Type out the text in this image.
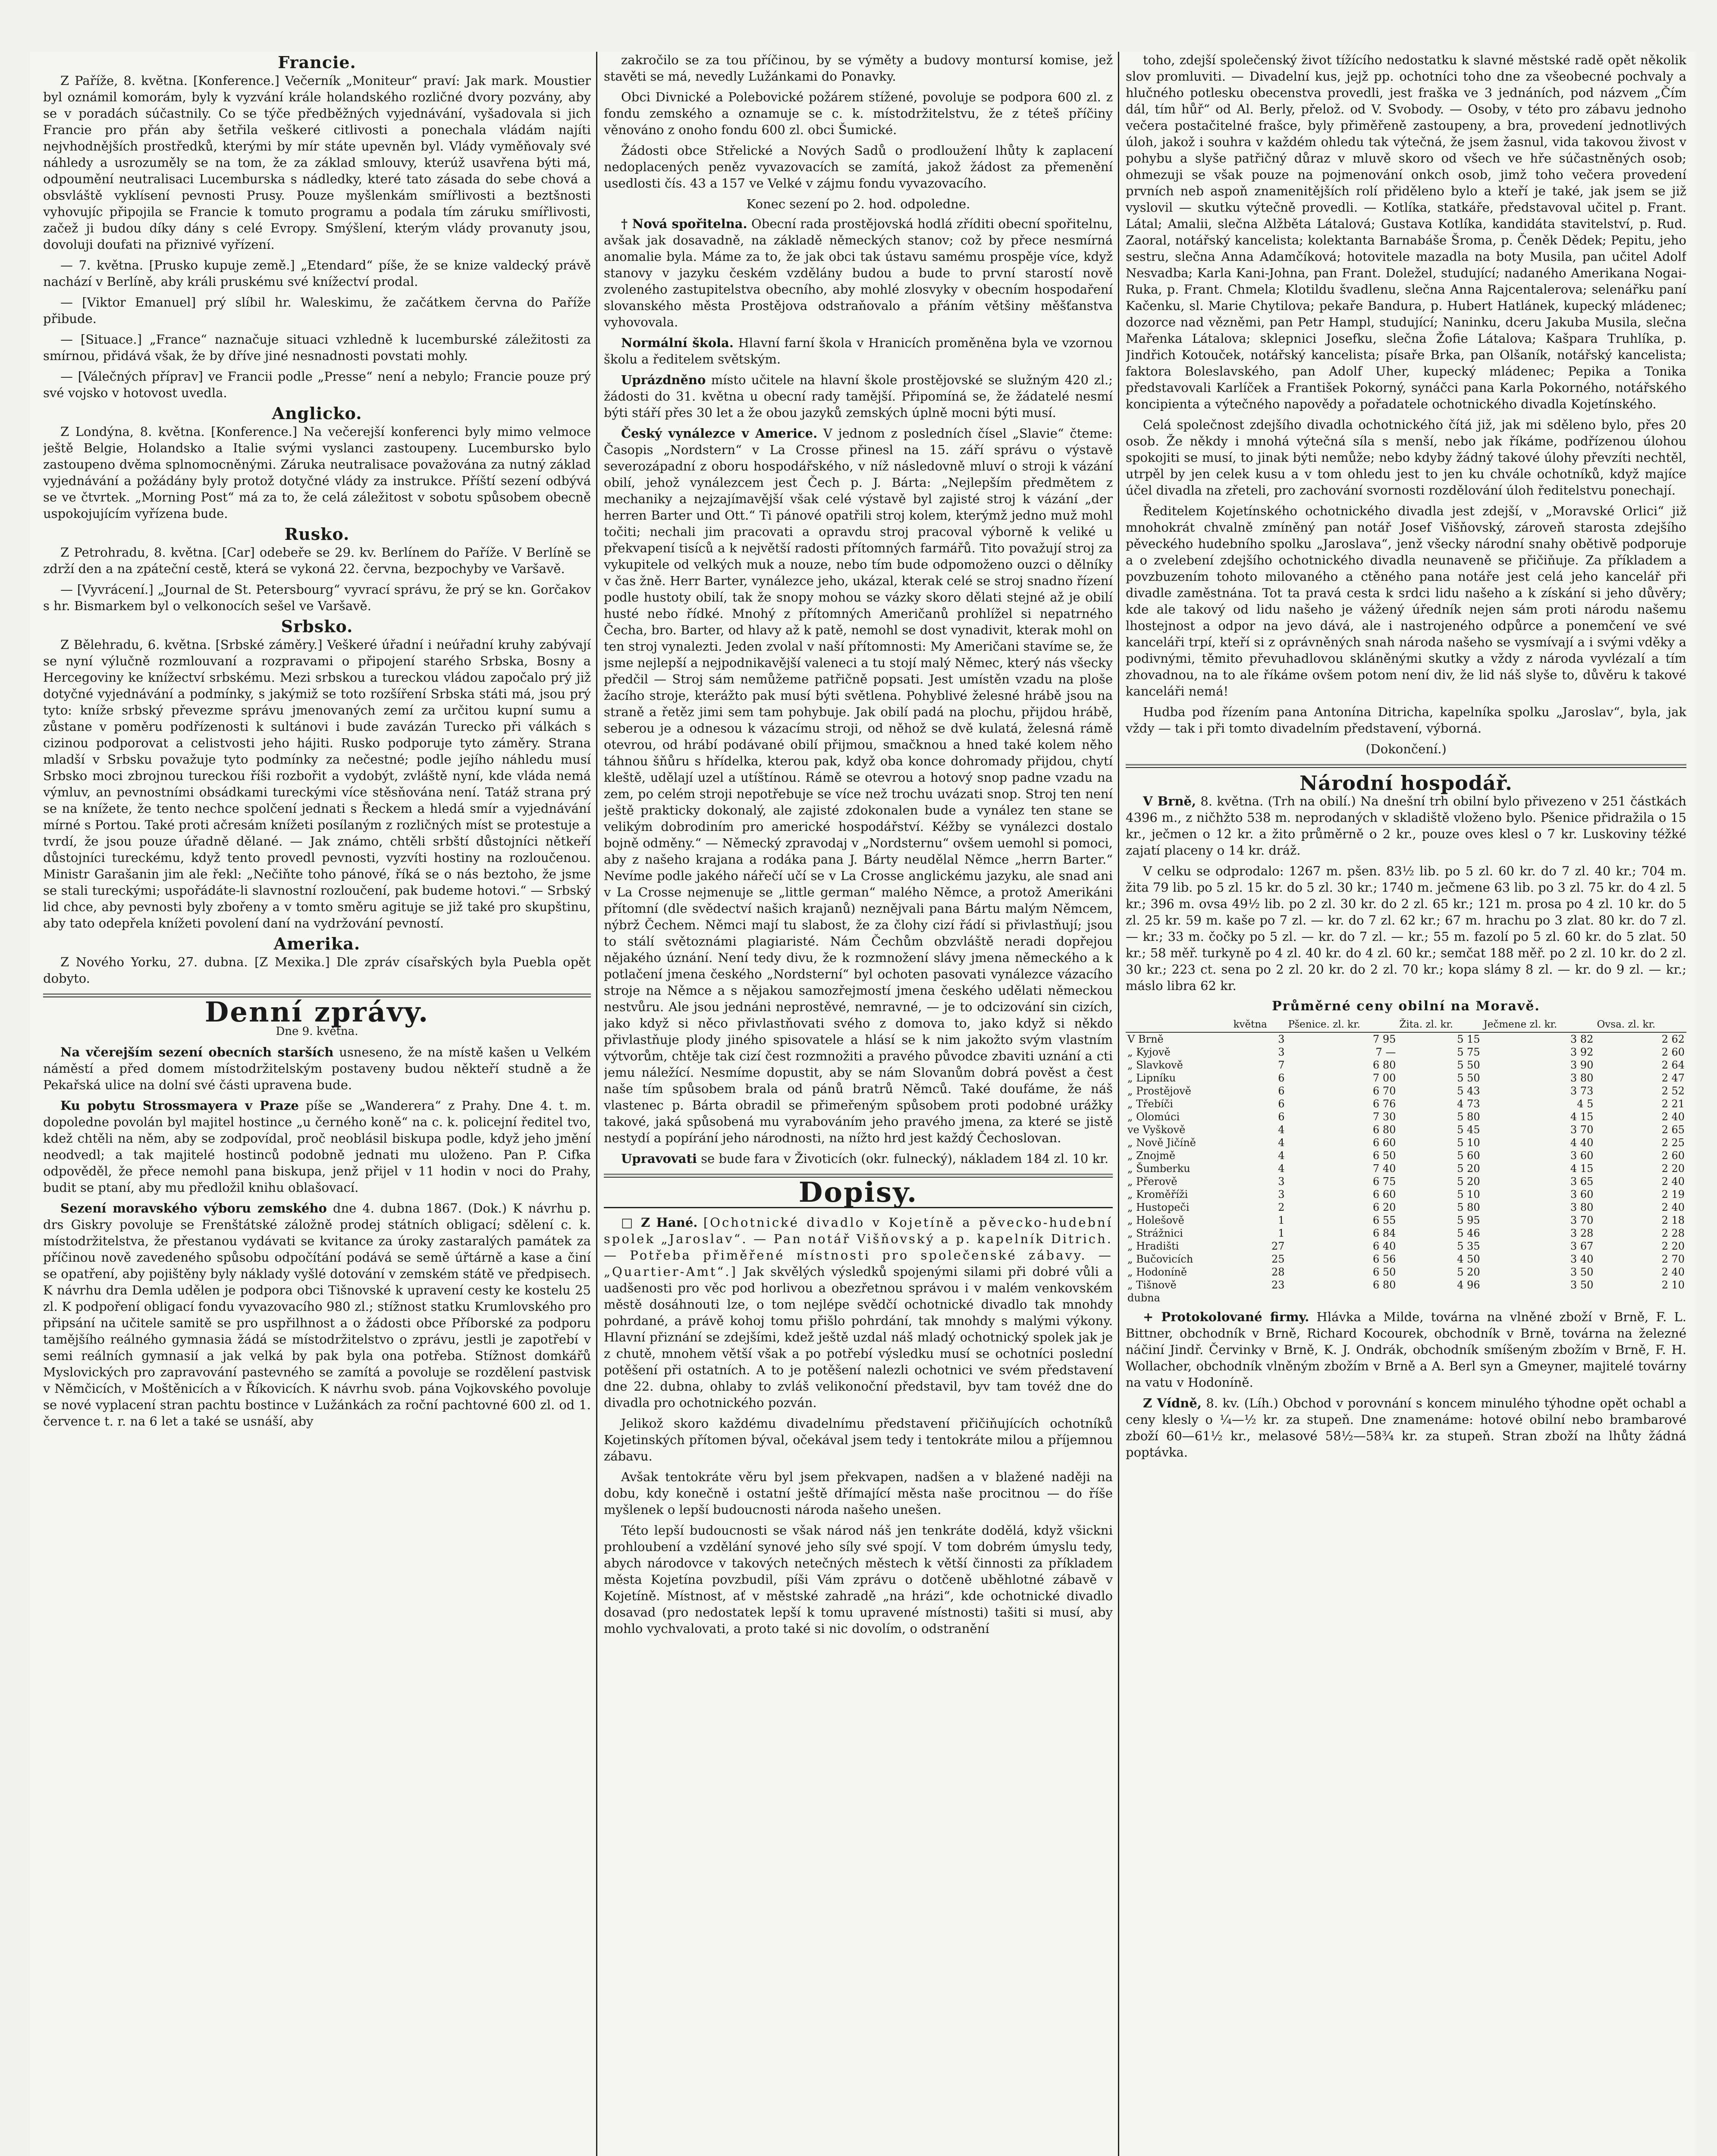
Francie.

Z Paříže, 8. května. [Konference.] Večerník „Moniteur“ praví: Jak mark. Moustier byl oznámil komorám, byly k vyzvání krále holandského rozličné dvory pozvány, aby se v poradách súčastnily. Co se týče předběžných vyjednávání, vyšadovala si jich Francie pro přán aby šetřila veškeré citlivosti a ponechala vládám najíti nejvhodnějších prostředků, kterými by mír státe upevněn byl. Vlády vyměňovaly své náhledy a usrozuměly se na tom, že za základ smlouvy, kterúž usavřena býti má, odpoumění neutralisaci Lucemburska s nádledky, které tato zásada do sebe chová a obsvláště vyklísení pevnosti Prusy. Pouze myšlenkám smířlivosti a beztšnosti vyhovujíc připojila se Francie k tomuto programu a podala tím záruku smířlivosti, začež ji budou díky dány s celé Evropy. Smýšlení, kterým vlády provanuty jsou, dovoluji doufati na přiznivé vyřízení.

— 7. května. [Prusko kupuje země.] „Etendard“ píše, že se knize valdecký právě nachází v Berlíně, aby králi pruskému své knížectví prodal.

— [Viktor Emanuel] prý slíbil hr. Waleskimu, že začátkem června do Paříže přibude.

— [Situace.] „France“ naznačuje situaci vzhledně k lucemburské záležitosti za smírnou, přidává však, že by dříve jiné nesnadnosti povstati mohly.

— [Válečných příprav] ve Francii podle „Presse“ není a nebylo; Francie pouze prý své vojsko v hotovost uvedla.

Anglicko.

Z Londýna, 8. května. [Konference.] Na večerejší konferenci byly mimo velmoce ještě Belgie, Holandsko a Italie svými vyslanci zastoupeny. Lucembursko bylo zastoupeno dvěma splnomocněnými. Záruka neutralisace považována za nutný základ vyjednávání a požádány byly protož dotyčné vlády za instrukce. Příští sezení odbývá se ve čtvrtek. „Morning Post“ má za to, že celá záležitost v sobotu spůsobem obecně uspokojujícím vyřízena bude.

Rusko.

Z Petrohradu, 8. května. [Car] odebeře se 29. kv. Berlínem do Paříže. V Berlíně se zdrží den a na zpáteční cestě, která se vykoná 22. června, bezpochyby ve Varšavě.

— [Vyvrácení.] „Journal de St. Petersbourg“ vyvrací správu, že prý se kn. Gorčakov s hr. Bismarkem byl o velkonocích sešel ve Varšavě.

Srbsko.

Z Bělehradu, 6. května. [Srbské záměry.] Veškeré úřadní i neúřadní kruhy zabývají se nyní výlučně rozmlouvaní a rozpravami o připojení starého Srbska, Bosny a Hercegoviny ke knížectví srbskému. Mezi srbskou a tureckou vládou započalo prý již dotyčné vyjednávání a podmínky, s jakýmiž se toto rozšíření Srbska státi má, jsou prý tyto: kníže srbský převezme správu jmenovaných zemí za určitou kupní sumu a zůstane v poměru podřízenosti k sultánovi i bude zavázán Turecko při válkách s cizinou podporovat a celistvosti jeho hájiti. Rusko podporuje tyto záměry. Strana mladší v Srbsku považuje tyto podmínky za nečestné; podle jejího náhledu musí Srbsko moci zbrojnou tureckou říši rozbořit a vydobýt, zvláště nyní, kde vláda nemá výmluv, an pevnostními obsádkami tureckými více stěsňována není. Tatáž strana prý se na knížete, že tento nechce spolčení jednati s Řeckem a hledá smír a vyjednávání mírné s Portou. Také proti ačresám knížeti posílaným z rozličných míst se protestuje a tvrdí, že jsou pouze úřadně dělané. — Jak známo, chtěli srbští důstojníci nětkeří důstojníci tureckému, když tento provedl pevnosti, vyzvíti hostiny na rozloučenou. Ministr Garašanin jim ale řekl: „Nečiňte toho pánové, říká se o nás beztoho, že jsme se stali tureckými; uspořádáte-li slavnostní rozloučení, pak budeme hotovi.“ — Srbský lid chce, aby pevnosti byly zbořeny a v tomto směru agituje se již také pro skupštinu, aby tato odepřela knížeti povolení daní na vydržování pevností.

Amerika.

Z Nového Yorku, 27. dubna. [Z Mexika.] Dle zpráv císařských byla Puebla opět dobyto.

Denní zprávy.
Dne 9. května.

Na včerejším sezení obecních starších usneseno, že na místě kašen u Velkém náměstí a před domem místodržitelským postaveny budou někteří studně a že Pekařská ulice na dolní své části upravena bude.

Ku pobytu Strossmayera v Praze píše se „Wanderera“ z Prahy. Dne 4. t. m. dopoledne povolán byl majitel hostince „u černého koně“ na c. k. policejní ředitel tvo, kdež chtěli na něm, aby se zodpovídal, proč neoblásil biskupa podle, když jeho jmění neodvedl; a tak majitelé hostinců podobně jednati mu uloženo. Pan P. Cifka odpověděl, že přece nemohl pana biskupa, jenž přijel v 11 hodin v noci do Prahy, budit se ptaní, aby mu předložil knihu oblašovací.

Sezení moravského výboru zemského dne 4. dubna 1867. (Dok.) K návrhu p. drs Giskry povoluje se Frenštátské záložně prodej státních obligací; sdělení c. k. místodržitelstva, že přestanou vydávati se kvitance za úroky zastaralých památek za příčinou nově zavedeného spůsobu odpočítání podává se semě úřtárně a kase a činí se opatření, aby pojištěny byly náklady vyšlé dotování v zemském státě ve předpisech. K návrhu dra Demla udělen je podpora obci Tišnovské k upravení cesty ke kostelu 25 zl. K podpoření obligací fondu vyvazovacího 980 zl.; stížnost statku Krumlovského pro připsání na učitele samitě se pro uspřilhnost a o žádosti obce Příborské za podporu tamějšího reálného gymnasia žádá se místodržitelstvo o zprávu, jestli je zapotřebí v semi reálních gymnasií a jak velká by pak byla ona potřeba. Stížnost domkářů Myslovických pro zapravování pastevného se zamítá a povoluje se rozdělení pastvisk v Němčicích, v Moštěnicích a v Říkovicích. K návrhu svob. pána Vojkovského povoluje se nové vyplacení stran pachtu bostince v Lužánkách za roční pachtovné 600 zl. od 1. července t. r. na 6 let a také se usnáší, aby

zakročilo se za tou příčinou, by se výměty a budovy montursí komise, jež stavěti se má, nevedly Lužánkami do Ponavky.

Obci Divnické a Polebovické požárem stížené, povoluje se podpora 600 zl. z fondu zemského a oznamuje se c. k. místodržitelstvu, že z téteš příčiny věnováno z onoho fondu 600 zl. obci Šumické.

Žádosti obce Střelické a Nových Sadů o prodloužení lhůty k zaplacení nedoplacených peněz vyvazovacích se zamítá, jakož žádost za přemenění usedlosti čís. 43 a 157 ve Velké v zájmu fondu vyvazovacího.

Konec sezení po 2. hod. odpoledne.

† Nová spořitelna. Obecní rada prostějovská hodlá zříditi obecní spořitelnu, avšak jak dosavadně, na základě německých stanov; což by přece nesmírná anomalie byla. Máme za to, že jak obci tak ústavu samému prospěje více, když stanovy v jazyku českém vzdělány budou a bude to první starostí nově zvoleného zastupitelstva obecního, aby mohlé zlosvyky v obecním hospodaření slovanského města Prostějova odstraňovalo a přáním většiny měšťanstva vyhovovala.

Normální škola. Hlavní farní škola v Hranicích proměněna byla ve vzornou školu a ředitelem světským.

Uprázdněno místo učitele na hlavní škole prostějovské se služným 420 zl.; žádosti do 31. května u obecní rady tamější. Připomíná se, že žádatelé nesmí býti stáří přes 30 let a že obou jazyků zemských úplně mocni býti musí.

Český vynálezce v Americe. V jednom z posledních čísel „Slavie“ čteme: Časopis „Nordstern“ v La Crosse přinesl na 15. září správu o výstavě severozápadní z oboru hospodářského, v níž následovně mluví o stroji k vázání obilí, jehož vynálezcem jest Čech p. J. Bárta: „Nejlepším předmětem z mechaniky a nejzajímavější však celé výstavě byl zajisté stroj k vázání „der herren Barter und Ott.“ Ti pánové opatřili stroj kolem, kterýmž jedno muž mohl točiti; nechali jim pracovati a opravdu stroj pracoval výborně k veliké u překvapení tisíců a k největší radosti přítomných farmářů. Tito považují stroj za vykupitele od velkých muk a nouze, nebo tím bude odpomoženo ouzci o dělníky v čas žně. Herr Barter, vynálezce jeho, ukázal, kterak celé se stroj snadno řízení podle hustoty obilí, tak že snopy mohou se vázky skoro dělati stejné až je obilí husté nebo řídké. Mnohý z přítomných Američanů prohlížel si nepatrného Čecha, bro. Barter, od hlavy až k patě, nemohl se dost vynadivit, kterak mohl on ten stroj vynalezti. Jeden zvolal v naší přítomnosti: My Američani stavíme se, že jsme nejlepší a nejpodnikavější valeneci a tu stojí malý Němec, který nás všecky předčil — Stroj sám nemůžeme patřičně popsati. Jest umístěn vzadu na ploše žacího stroje, kterážto pak musí býti světlena. Pohyblivé želesné hrábě jsou na straně a řetěz jimi sem tam pohybuje. Jak obilí padá na plochu, přijdou hrábě, seberou je a odnesou k vázacímu stroji, od něhož se dvě kulatá, želesná rámě otevrou, od hrábí podávané obilí přijmou, smačknou a hned také kolem něho táhnou šňůru s hřídelka, kterou pak, když oba konce dohromady přijdou, chytí kleště, udělají uzel a utíštínou. Rámě se otevrou a hotový snop padne vzadu na zem, po celém stroji nepotřebuje se více než trochu uvázati snop. Stroj ten není ještě prakticky dokonalý, ale zajisté zdokonalen bude a vynález ten stane se velikým dobrodiním pro americké hospodářství. Kéžby se vynálezci dostalo bojně odměny.“ — Německý zpravodaj v „Nordsternu“ ovšem uemohl si pomoci, aby z našeho krajana a rodáka pana J. Bárty neudělal Němce „herrn Barter.“ Nevíme podle jakého nářečí učí se v La Crosse anglickému jazyku, ale snad ani v La Crosse nejmenuje se „little german“ malého Němce, a protož Amerikáni přítomní (dle svědectví našich krajanů) neznějvali pana Bártu malým Němcem, nýbrž Čechem. Němci mají tu slabost, že za člohy cizí řádí si přivlastňují; jsou to stálí světoznámi plagiaristé. Nám Čechům obzvláště neradi dopřejou nějakého úznání. Není tedy divu, že k rozmnožení slávy jmena německého a k potlačení jmena českého „Nordsterní“ byl ochoten pasovati vynálezce vázacího stroje na Němce a s nějakou samozřejmostí jmena českého udělati německou nestvůru. Ale jsou jednáni neprostěvé, nemravné, — je to odcizování sin cizích, jako když si něco přivlastňovati svého z domova to, jako když si někdo přivlastňuje plody jiného spisovatele a hlásí se k nim jakožto svým vlastním výtvorům, chtěje tak cizí čest rozmnožiti a pravého původce zbaviti uznání a cti jemu náležící. Nesmíme dopustit, aby se nám Slovanům dobrá pověst a čest naše tím spůsobem brala od pánů bratrů Němců. Také doufáme, že náš vlastenec p. Bárta obradil se přimeřeným spůsobem proti podobné urážky takové, jaká spůsobená mu vyrabováním jeho pravého jmena, za které se jistě nestydí a popírání jeho národnosti, na nížto hrd jest každý Čechoslovan.

Upravovati se bude fara v Životicích (okr. fulnecký), nákladem 184 zl. 10 kr.

Dopisy.

□ Z Hané. [Ochotnické divadlo v Kojetíně a pěvecko-hudební spolek „Jaroslav“. — Pan notář Višňovský a p. kapelník Ditrich. — Potřeba přiměřené místnosti pro společenské zábavy. — „Quartier-Amt“.] Jak skvělých výsledků spojenými silami při dobré vůli a uadšenosti pro věc pod horlivou a obezřetnou správou i v malém venkovském městě dosáhnouti lze, o tom nejlépe svědčí ochotnické divadlo tak mnohdy pohrdané, a právě kohoj tomu přišlo pohrdání, tak mnohdy s malými výkony. Hlavní přiznání se zdejšími, kdež ještě uzdal náš mladý ochotnický spolek jak je z chutě, mnohem větší však a po potřebí výsledku musí se ochotníci poslední potěšení při ostatních. A to je potěšení nalezli ochotnici ve svém představení dne 22. dubna, ohlaby to zvláš velikonoční představil, byv tam tovéž dne do divadla pro ochotnického pozván.

Jelikož skoro každému divadelnímu představení přičiňujících ochotníků Kojetinských přítomen býval, očekával jsem tedy i tentokráte milou a příjemnou zábavu.

Avšak tentokráte věru byl jsem překvapen, nadšen a v blažené naději na dobu, kdy konečně i ostatní ještě dřímající města naše procitnou — do říše myšlenek o lepší budoucnosti národa našeho unešen.

Této lepší budoucnosti se však národ náš jen tenkráte dodělá, když všickni prohloubení a vzdělání synové jeho síly své spojí. V tom dobrém úmyslu tedy, abych národovce v takových netečných městech k větší činnosti za příkladem města Kojetína povzbudil, píši Vám zprávu o dotčeně uběhlotné zábavě v Kojetíně. Místnost, ať v městské zahradě „na hrázi“, kde ochotnické divadlo dosavad (pro nedostatek lepší k tomu upravené místnosti) tašiti si musí, aby mohlo vychvalovati, a proto také si nic dovolím, o odstranění

toho, zdejší společenský život tížícího nedostatku k slavné městské radě opět několik slov promluviti. — Divadelní kus, jejž pp. ochotníci toho dne za všeobecné pochvaly a hlučného potlesku obecenstva provedli, jest fraška ve 3 jednáních, pod názvem „Čím dál, tím hůř“ od Al. Berly, přelož. od V. Svobody. — Osoby, v této pro zábavu jednoho večera postačitelné frašce, byly přiměřeně zastoupeny, a bra, provedení jednotlivých úloh, jakož i souhra v každém ohledu tak výtečná, že jsem žasnul, vida takovou živost v pohybu a slyše patřičný důraz v mluvě skoro od všech ve hře súčastněných osob; ohmezuji se však pouze na pojmenování onkch osob, jimž toho večera provedení prvních neb aspoň znamenitějších rolí přiděleno bylo a kteří je také, jak jsem se již vyslovil — skutku výtečně provedli. — Kotlíka, statkáře, představoval učitel p. Frant. Látal; Amalii, slečna Alžběta Látalová; Gustava Kotlíka, kandidáta stavitelství, p. Rud. Zaoral, notářský kancelista; kolektanta Barnabáše Šroma, p. Čeněk Dědek; Pepitu, jeho sestru, slečna Anna Adamčíková; hotovitele mazadla na boty Musila, pan učitel Adolf Nesvadba; Karla Kani-Johna, pan Frant. Doležel, studující; nadaného Amerikana Nogai-Ruka, p. Frant. Chmela; Klotildu švadlenu, slečna Anna Rajcentalerova; selenářku paní Kačenku, sl. Marie Chytilova; pekaře Bandura, p. Hubert Hatlánek, kupecký mládenec; dozorce nad vězněmi, pan Petr Hampl, studující; Naninku, dceru Jakuba Musila, slečna Mařenka Látalova; sklepnici Josefku, slečna Žofie Látalova; Kašpara Truhlíka, p. Jindřich Kotouček, notářský kancelista; písaře Brka, pan Olšaník, notářský kancelista; faktora Boleslavského, pan Adolf Uher, kupecký mládenec; Pepika a Tonika představovali Karlíček a František Pokorný, synáčci pana Karla Pokorného, notářského koncipienta a výtečného napovědy a pořadatele ochotnického divadla Kojetínského.

Celá společnost zdejšího divadla ochotnického čítá již, jak mi sděleno bylo, přes 20 osob. Že někdy i mnohá výtečná síla s menší, nebo jak říkáme, podřízenou úlohou spokojiti se musí, to jinak býti nemůže; nebo kdyby žádný takové úlohy převzíti nechtěl, utrpěl by jen celek kusu a v tom ohledu jest to jen ku chvále ochotníků, když majíce účel divadla na zřeteli, pro zachování svornosti rozdělování úloh ředitelstvu ponechají.

Ředitelem Kojetínského ochotnického divadla jest zdejší, v „Moravské Orlici“ již mnohokrát chvalně zmíněný pan notář Josef Višňovský, zároveň starosta zdejšího pěveckého hudebního spolku „Jaroslava“, jenž všecky národní snahy obětivě podporuje a o zvelebení zdejšího ochotnického divadla neunaveně se přičiňuje. Za příkladem a povzbuzením tohoto milovaného a ctěného pana notáře jest celá jeho kancelář při divadle zaměstnána. Tot ta pravá cesta k srdci lidu našeho a k získání si jeho důvěry; kde ale takový od lidu našeho je vážený úředník nejen sám proti národu našemu lhostejnost a odpor na jevo dává, ale i nastrojeného odpůrce a ponemčení ve své kanceláři trpí, kteří si z oprávněných snah národa našeho se vysmívají a i svými vděky a podivnými, těmito převuhadlovou skláněnými skutky a vždy z národa vyvlézalí a tím zhovadnou, na to ale říkáme ovšem potom není div, že lid náš slyše to, důvěru k takové kanceláři nemá!

Hudba pod řízením pana Antonína Ditricha, kapelníka spolku „Jaroslav“, byla, jak vždy — tak i při tomto divadelním představení, výborná.

(Dokončení.)

Národní hospodář.

V Brně, 8. května. (Trh na obilí.) Na dnešní trh obilní bylo přivezeno v 251 částkách 4396 m., z ničhžto 538 m. neprodaných v skladiště vloženo bylo. Pšenice přidražila o 15 kr., ječmen o 12 kr. a žito průměrně o 2 kr., pouze oves klesl o 7 kr. Luskoviny téžké zajatí placeny o 14 kr. dráž.

V celku se odprodalo: 1267 m. pšen. 83½ lib. po 5 zl. 60 kr. do 7 zl. 40 kr.; 704 m. žita 79 lib. po 5 zl. 15 kr. do 5 zl. 30 kr.; 1740 m. ječmene 63 lib. po 3 zl. 75 kr. do 4 zl. 5 kr.; 396 m. ovsa 49½ lib. po 2 zl. 30 kr. do 2 zl. 65 kr.; 121 m. prosa po 4 zl. 10 kr. do 5 zl. 25 kr. 59 m. kaše po 7 zl. — kr. do 7 zl. 62 kr.; 67 m. hrachu po 3 zlat. 80 kr. do 7 zl. — kr.; 33 m. čočky po 5 zl. — kr. do 7 zl. — kr.; 55 m. fazolí po 5 zl. 60 kr. do 5 zlat. 50 kr.; 58 měř. turkyně po 4 zl. 40 kr. do 4 zl. 60 kr.; semčat 188 měř. po 2 zl. 10 kr. do 2 zl. 30 kr.; 223 ct. sena po 2 zl. 20 kr. do 2 zl. 70 kr.; kopa slámy 8 zl. — kr. do 9 zl. — kr.; máslo libra 62 kr.

Průměrné ceny obilní na Moravě.
	května	Pšenice. zl. kr.	Žita. zl. kr.	Ječmene zl. kr.	Ovsa. zl. kr.
V Brně	3	7 95	5 15	3 82	2 62
„ Kyjově	3	7 —	5 75	3 92	2 60
„ Slavkově	7	6 80	5 50	3 90	2 64
„ Lipníku	6	7 00	5 50	3 80	2 47
„ Prostějově	6	6 70	5 43	3 73	2 52
„ Třebíči	6	6 76	4 73	4 5	2 21
„ Olomúci	6	7 30	5 80	4 15	2 40
ve Vyškově	4	6 80	5 45	3 70	2 65
„ Nově Jičíně	4	6 60	5 10	4 40	2 25
„ Znojmě	4	6 50	5 60	3 60	2 60
„ Šumberku	4	7 40	5 20	4 15	2 20
„ Přerově	3	6 75	5 20	3 65	2 40
„ Kroměříži	3	6 60	5 10	3 60	2 19
„ Hustopeči	2	6 20	5 80	3 80	2 40
„ Holešově	1	6 55	5 95	3 70	2 18
„ Strážnici	1	6 84	5 46	3 28	2 28
„ Hradišti	27	6 40	5 35	3 67	2 20
„ Bučovicích	25	6 56	4 50	3 40	2 70
„ Hodoníně	28	6 50	5 20	3 50	2 40
„ Tišnově	23	6 80	4 96	3 50	2 10
dubna					

+ Protokolované firmy. Hlávka a Milde, továrna na vlněné zboží v Brně, F. L. Bittner, obchodník v Brně, Richard Kocourek, obchodník v Brně, továrna na železné náčiní Jindř. Červinky v Brně, K. J. Ondrák, obchodník smíšeným zbožím v Brně, F. H. Wollacher, obchodník vlněným zbožím v Brně a A. Berl syn a Gmeyner, majitelé továrny na vatu v Hodoníně.

Z Vídně, 8. kv. (Líh.) Obchod v porovnání s koncem minulého týhodne opět ochabl a ceny klesly o ¼—½ kr. za stupeň. Dne znamenáme: hotové obilní nebo brambarové zboží 60—61½ kr., melasové 58½—58¾ kr. za stupeň. Stran zboží na lhůty žádná poptávka.
